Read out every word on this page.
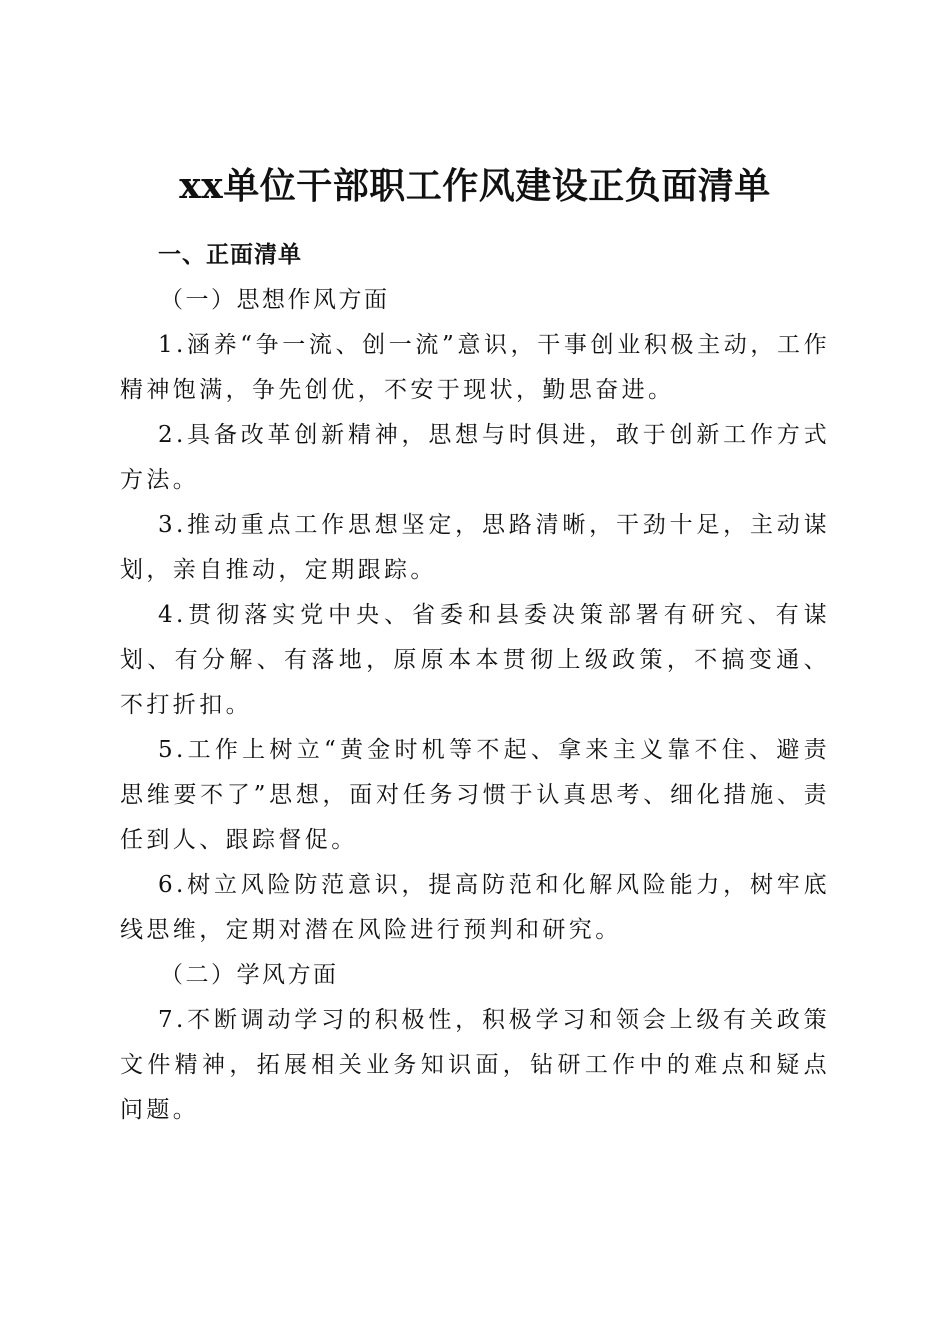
xx单位干部职工作风建设正负面清单

一、正面清单

（一）思想作风方面

1.涵养“争一流、创一流”意识，干事创业积极主动，工作精神饱满，争先创优，不安于现状，勤思奋进。

2.具备改革创新精神，思想与时俱进，敢于创新工作方式方法。

3.推动重点工作思想坚定，思路清晰，干劲十足，主动谋划，亲自推动，定期跟踪。

4.贯彻落实党中央、省委和县委决策部署有研究、有谋划、有分解、有落地，原原本本贯彻上级政策，不搞变通、不打折扣。

5.工作上树立“黄金时机等不起、拿来主义靠不住、避责思维要不了”思想，面对任务习惯于认真思考、细化措施、责任到人、跟踪督促。

6.树立风险防范意识，提高防范和化解风险能力，树牢底线思维，定期对潜在风险进行预判和研究。

（二）学风方面

7.不断调动学习的积极性，积极学习和领会上级有关政策文件精神，拓展相关业务知识面，钻研工作中的难点和疑点问题。
